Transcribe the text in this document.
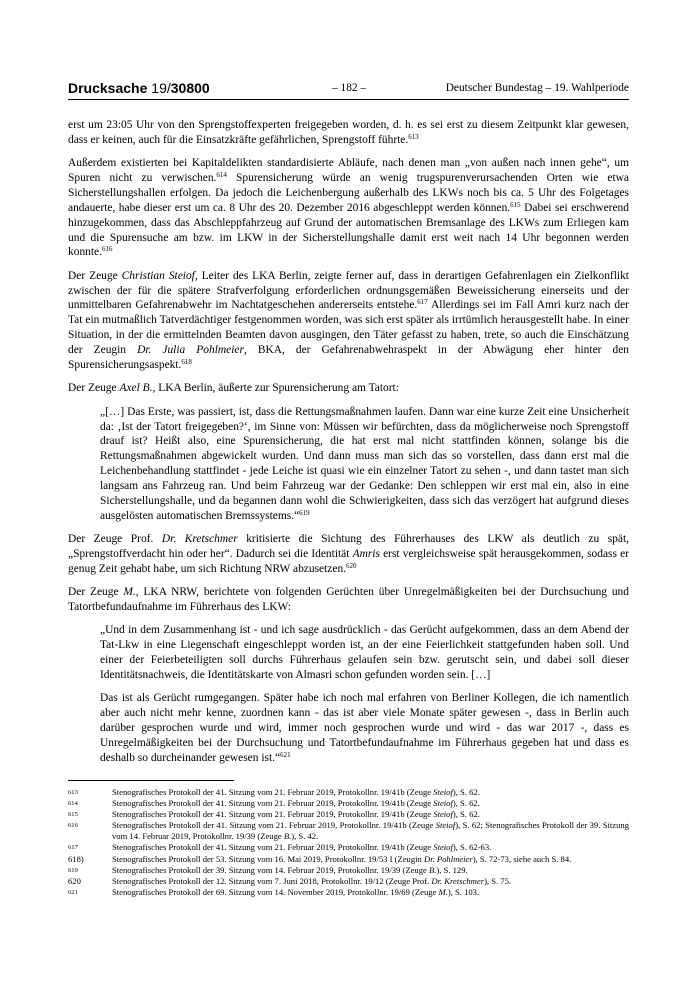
Drucksache 19/30800	– 182 –	Deutscher Bundestag – 19. Wahlperiode

erst um 23:05 Uhr von den Sprengstoffexperten freigegeben worden, d. h. es sei erst zu diesem Zeitpunkt klar gewesen, dass er keinen, auch für die Einsatzkräfte gefährlichen, Sprengstoff führte.$^{613}$

Außerdem existierten bei Kapitaldelikten standardisierte Abläufe, nach denen man „von außen nach innen gehe“, um Spuren nicht zu verwischen.$^{614}$ Spurensicherung würde an wenig trugspurenverursachenden Orten wie etwa Sicherstellungshallen erfolgen. Da jedoch die Leichenbergung außerhalb des LKWs noch bis ca. 5 Uhr des Folgetages andauerte, habe dieser erst um ca. 8 Uhr des 20. Dezember 2016 abgeschleppt werden können.$^{615}$ Dabei sei erschwerend hinzugekommen, dass das Abschleppfahrzeug auf Grund der automatischen Bremsanlage des LKWs zum Erliegen kam und die Spurensuche am bzw. im LKW in der Sicherstellungshalle damit erst weit nach 14 Uhr begonnen werden konnte.$^{616}$

Der Zeuge Christian Steiof, Leiter des LKA Berlin, zeigte ferner auf, dass in derartigen Gefahrenlagen ein Zielkonflikt zwischen der für die spätere Strafverfolgung erforderlichen ordnungsgemäßen Beweissicherung einerseits und der unmittelbaren Gefahrenabwehr im Nachtatgeschehen andererseits entstehe.$^{617}$ Allerdings sei im Fall Amri kurz nach der Tat ein mutmaßlich Tatverdächtiger festgenommen worden, was sich erst später als irrtümlich herausgestellt habe. In einer Situation, in der die ermittelnden Beamten davon ausgingen, den Täter gefasst zu haben, trete, so auch die Einschätzung der Zeugin Dr. Julia Pohlmeier, BKA, der Gefahrenabwehraspekt in der Abwägung eher hinter den Spurensicherungsaspekt.$^{618}$

Der Zeuge Axel B., LKA Berlin, äußerte zur Spurensicherung am Tatort:

„[…] Das Erste, was passiert, ist, dass die Rettungsmaßnahmen laufen. Dann war eine kurze Zeit eine Unsicherheit da: ‚Ist der Tatort freigegeben?‘, im Sinne von: Müssen wir befürchten, dass da möglicherweise noch Sprengstoff drauf ist? Heißt also, eine Spurensicherung, die hat erst mal nicht stattfinden können, solange bis die Rettungsmaßnahmen abgewickelt wurden. Und dann muss man sich das so vorstellen, dass dann erst mal die Leichenbehandlung stattfindet - jede Leiche ist quasi wie ein einzelner Tatort zu sehen -, und dann tastet man sich langsam ans Fahrzeug ran. Und beim Fahrzeug war der Gedanke: Den schleppen wir erst mal ein, also in eine Sicherstellungshalle, und da begannen dann wohl die Schwierigkeiten, dass sich das verzögert hat aufgrund dieses ausgelösten automatischen Bremssystems.“$^{619}$

Der Zeuge Prof. Dr. Kretschmer kritisierte die Sichtung des Führerhauses des LKW als deutlich zu spät, „Sprengstoffverdacht hin oder her“. Dadurch sei die Identität Amris erst vergleichsweise spät herausgekommen, sodass er genug Zeit gehabt habe, um sich Richtung NRW abzusetzen.$^{620}$

Der Zeuge M., LKA NRW, berichtete von folgenden Gerüchten über Unregelmäßigkeiten bei der Durchsuchung und Tatortbefundaufnahme im Führerhaus des LKW:

„Und in dem Zusammenhang ist - und ich sage ausdrücklich - das Gerücht aufgekommen, dass an dem Abend der Tat-Lkw in eine Liegenschaft eingeschleppt worden ist, an der eine Feierlichkeit stattgefunden haben soll. Und einer der Feierbeteiligten soll durchs Führerhaus gelaufen sein bzw. gerutscht sein, und dabei soll dieser Identitätsnachweis, die Identitätskarte von Almasri schon gefunden worden sein. […]

Das ist als Gerücht rumgegangen. Später habe ich noch mal erfahren von Berliner Kollegen, die ich namentlich aber auch nicht mehr kenne, zuordnen kann - das ist aber viele Monate später gewesen -, dass in Berlin auch darüber gesprochen wurde und wird, immer noch gesprochen wurde und wird - das war 2017 -, dass es Unregelmäßigkeiten bei der Durchsuchung und Tatortbefundaufnahme im Führerhaus gegeben hat und dass es deshalb so durcheinander gewesen ist.“$^{621}$

613	Stenografisches Protokoll der 41. Sitzung vom 21. Februar 2019, Protokollnr. 19/41b (Zeuge Steiof), S. 62.
614	Stenografisches Protokoll der 41. Sitzung vom 21. Februar 2019, Protokollnr. 19/41b (Zeuge Steiof), S. 62.
615	Stenografisches Protokoll der 41. Sitzung vom 21. Februar 2019, Protokollnr. 19/41b (Zeuge Steiof), S. 62.
616	Stenografisches Protokoll der 41. Sitzung vom 21. Februar 2019, Protokollnr. 19/41b (Zeuge Steiof), S. 62; Stenografisches Protokoll der 39. Sitzung vom 14. Februar 2019, Protokollnr. 19/39 (Zeuge B.), S. 42.
617	Stenografisches Protokoll der 41. Sitzung vom 21. Februar 2019, Protokollnr. 19/41b (Zeuge Steiof), S. 62-63.
618)	Stenografisches Protokoll der 53. Sitzung vom 16. Mai 2019, Protokollnr. 19/53 I (Zeugin Dr. Pohlmeier), S. 72-73, siehe auch S. 84.
619	Stenografisches Protokoll der 39. Sitzung vom 14. Februar 2019, Protokollnr. 19/39 (Zeuge B.), S. 129.
620	Stenografisches Protokoll der 12. Sitzung vom 7. Juni 2018, Protokollnr. 19/12 (Zeuge Prof. Dr. Kretschmer), S. 75.
621	Stenografisches Protokoll der 69. Sitzung vom 14. November 2019, Protokollnr. 19/69 (Zeuge M.), S. 103.
